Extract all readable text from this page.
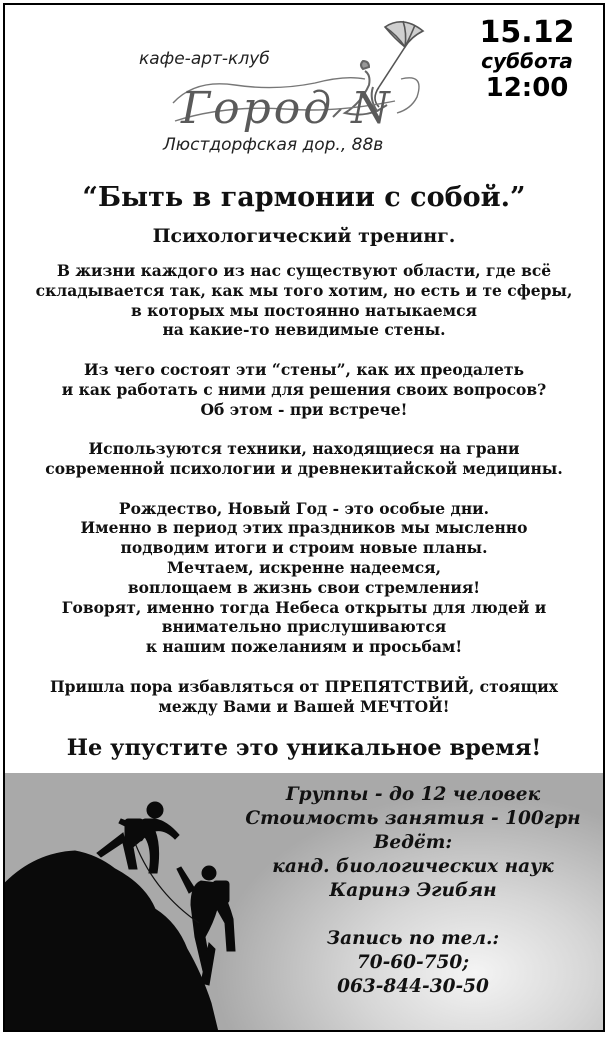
кафе-арт-клуб
Город N
Люстдорфская дор., 88в
15.12
суббота
12:00
“Быть в гармонии с собой.”
Психологический тренинг.

В жизни каждого из нас существуют области, где всё
складывается так, как мы того хотим, но есть и те сферы,
в которых мы постоянно натыкаемся
на какие-то невидимые стены.

Из чего состоят эти “стены”, как их преодалеть
и как работать с ними для решения своих вопросов?
Об этом - при встрече!

Используются техники, находящиеся на грани
современной психологии и древнекитайской медицины.

Рождество, Новый Год - это особые дни.
Именно в период этих праздников мы мысленно
подводим итоги и строим новые планы.
Мечтаем, искренне надеемся,
воплощаем в жизнь свои стремления!
Говорят, именно тогда Небеса открыты для людей и
внимательно прислушиваются
к нашим пожеланиям и просьбам!

Пришла пора избавляться от ПРЕПЯТСТВИЙ, стоящих
между Вами и Вашей МЕЧТОЙ!

Не упустите это уникальное время!
Группы - до 12 человек
Стоимость занятия - 100грн
Ведёт:
канд. биологических наук
Каринэ Эгибян
Запись по тел.:
70-60-750;
063-844-30-50
